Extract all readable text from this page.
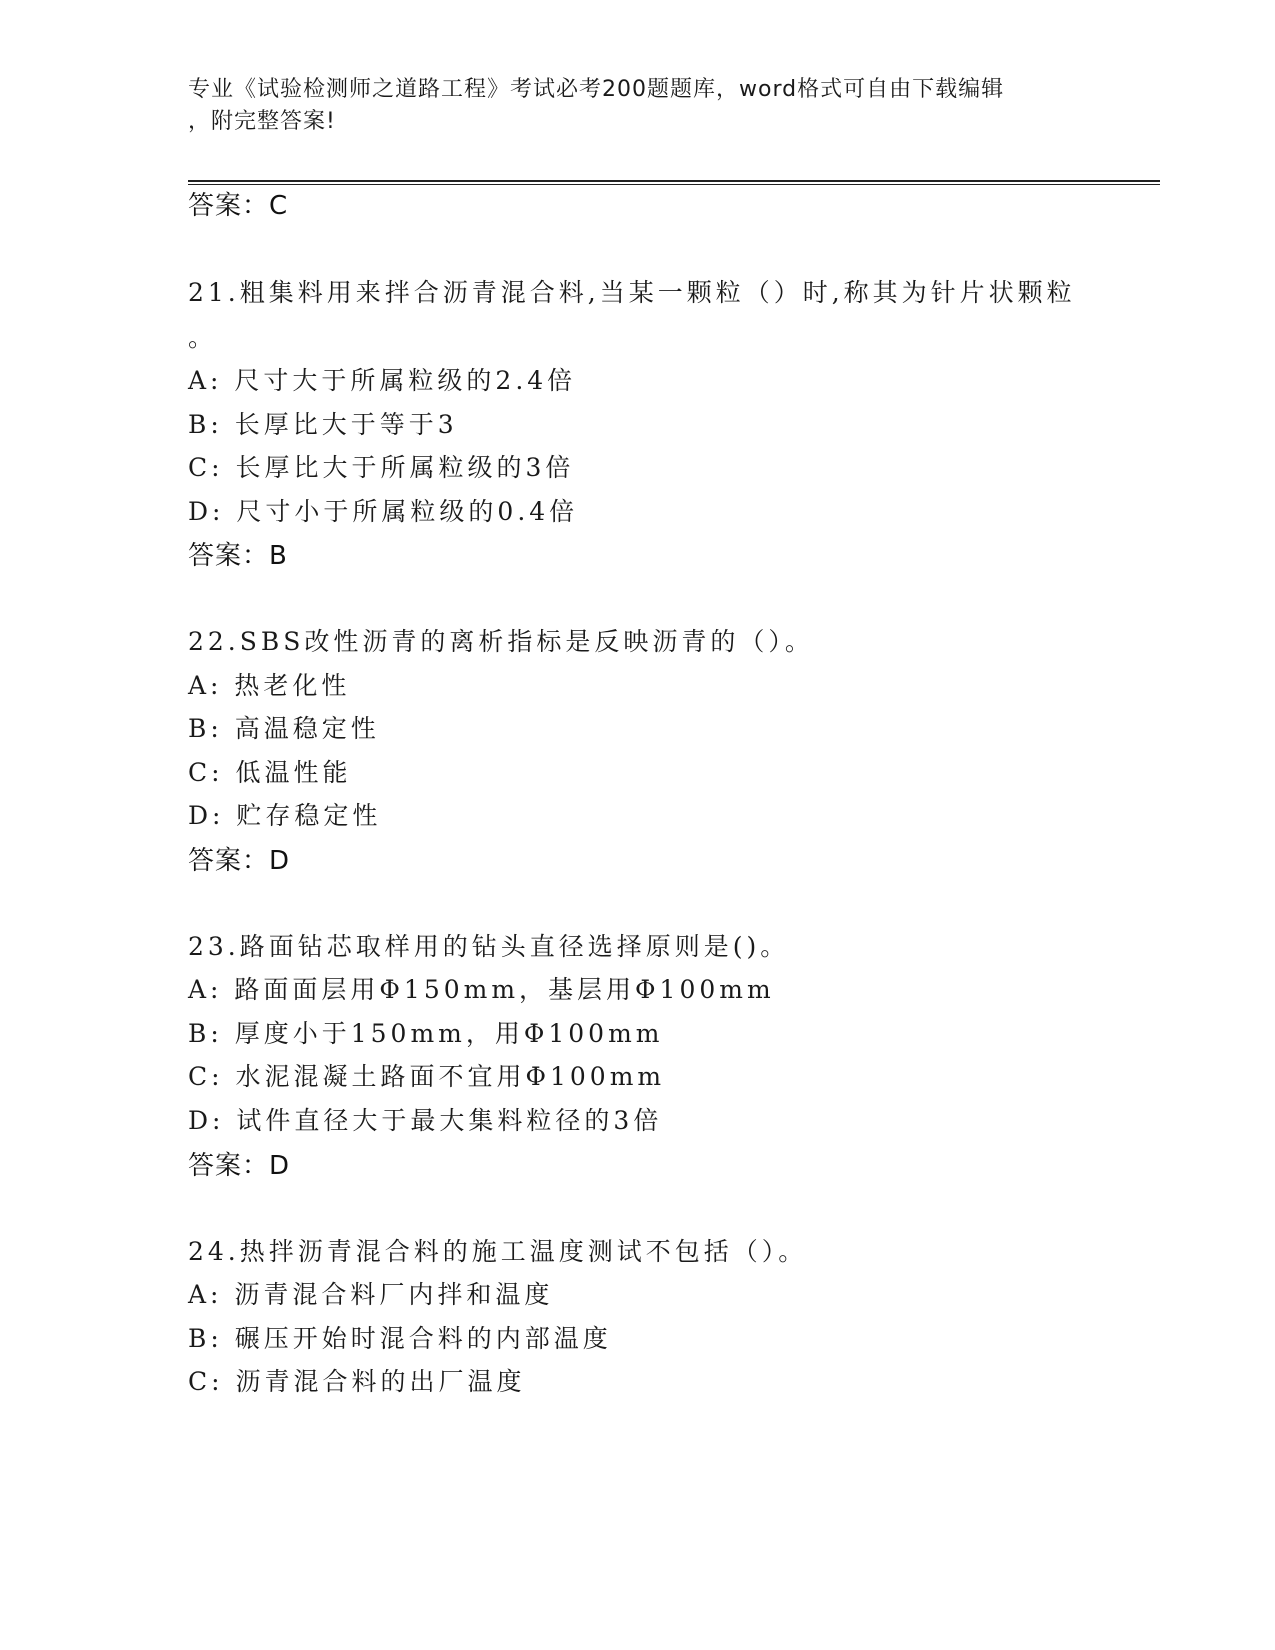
专业《试验检测师之道路工程》考试必考200题题库，word格式可自由下载编辑
，附完整答案!
答案：C
21.粗集料用来拌合沥青混合料,当某一颗粒（）时,称其为针片状颗粒
。
A: 尺寸大于所属粒级的2.4倍
B: 长厚比大于等于3
C: 长厚比大于所属粒级的3倍
D: 尺寸小于所属粒级的0.4倍
答案：B
22.SBS改性沥青的离析指标是反映沥青的（）。
A: 热老化性
B: 高温稳定性
C: 低温性能
D: 贮存稳定性
答案：D
23.路面钻芯取样用的钻头直径选择原则是()。
A: 路面面层用Φ150mm，基层用Φ100mm
B: 厚度小于150mm，用Φ100mm
C: 水泥混凝土路面不宜用Φ100mm
D: 试件直径大于最大集料粒径的3倍
答案：D
24.热拌沥青混合料的施工温度测试不包括（）。
A: 沥青混合料厂内拌和温度
B: 碾压开始时混合料的内部温度
C: 沥青混合料的出厂温度
